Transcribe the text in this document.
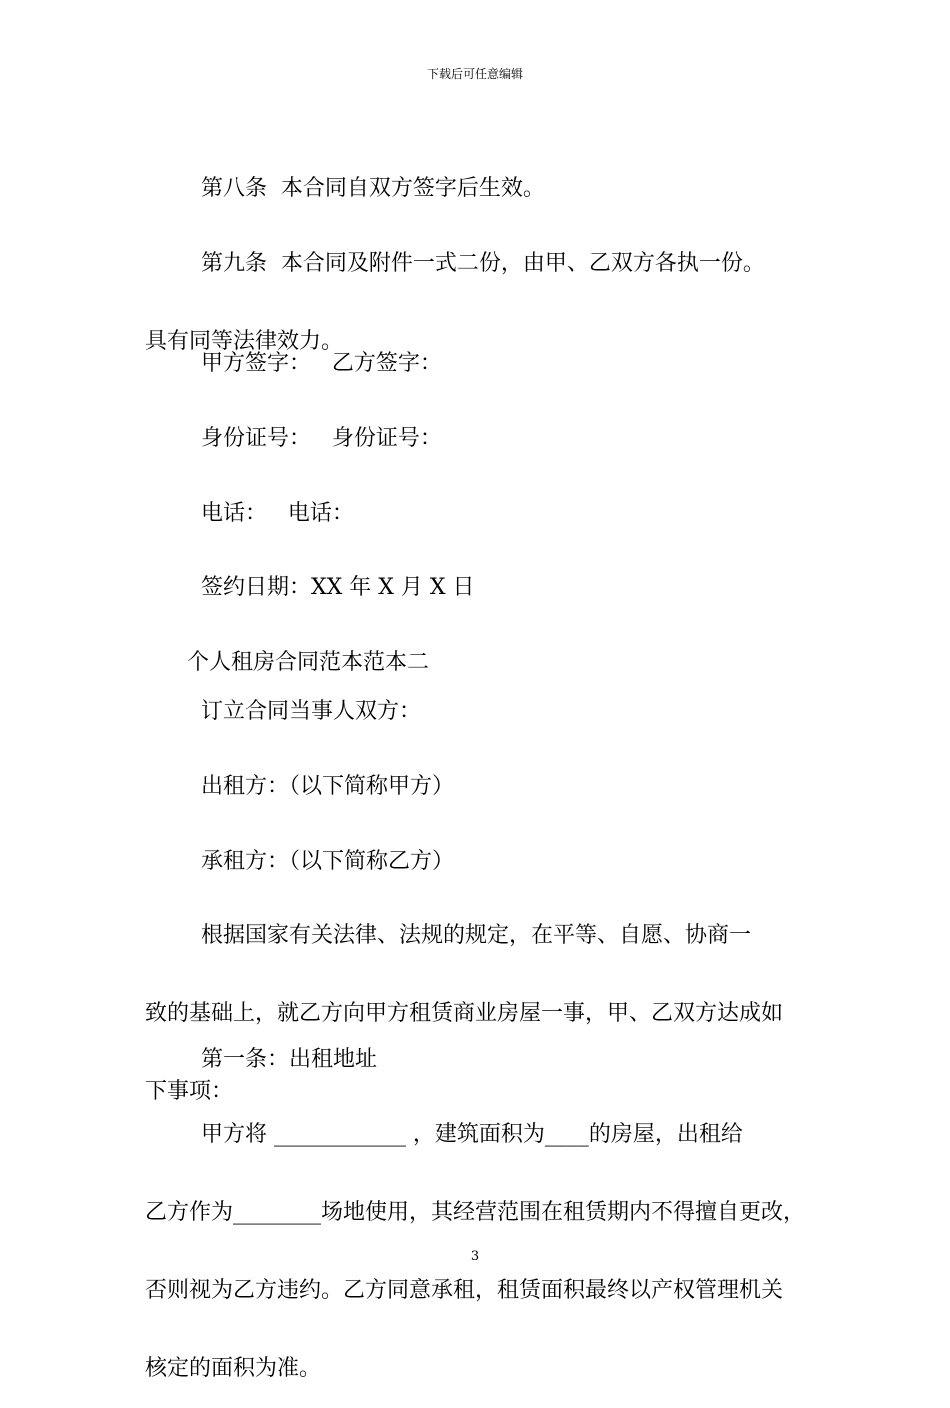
下载后可任意编辑

第八条  本合同自双方签字后生效。

第九条  本合同及附件一式二份，由甲、乙双方各执一份。

具有同等法律效力。

甲方签字：   乙方签字：

身份证号：   身份证号：

电话：   电话：

签约日期：XX 年 X 月 X 日

个人租房合同范本范本二

订立合同当事人双方：

出租方：（以下简称甲方）

承租方：（以下简称乙方）

根据国家有关法律、法规的规定，在平等、自愿、协商一

致的基础上，就乙方向甲方租赁商业房屋一事，甲、乙双方达成如

下事项：

第一条：出租地址

甲方将 ____________ ，建筑面积为____的房屋，出租给

乙方作为________场地使用，其经营范围在租赁期内不得擅自更改，

否则视为乙方违约。乙方同意承租，租赁面积最终以产权管理机关

核定的面积为准。

3
